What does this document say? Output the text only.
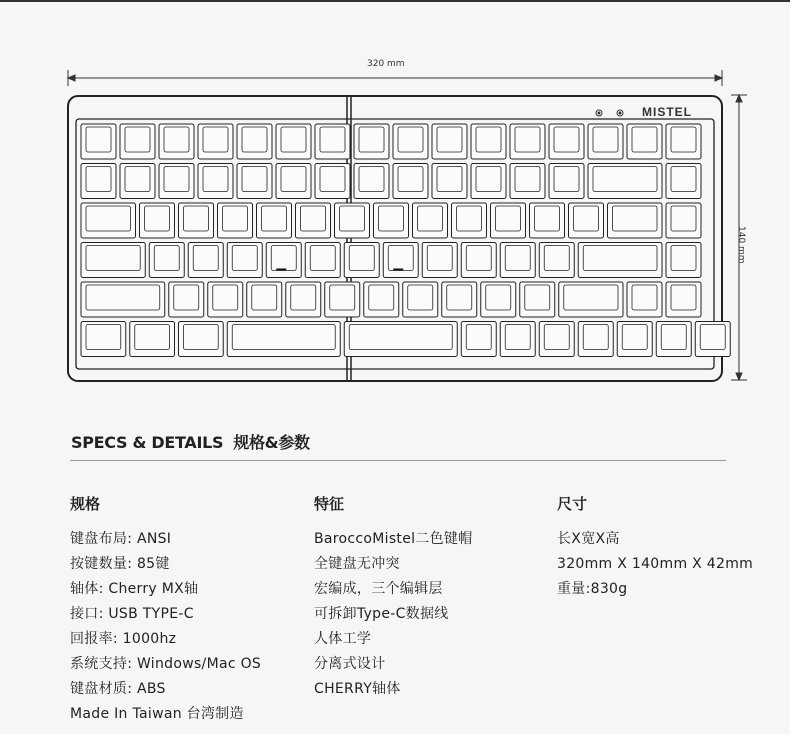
MISTEL
320 mm
140 mm
SPECS & DETAILS 规格&参数
规格
键盘布局: ANSI
按键数量: 85键
轴体: Cherry MX轴
接口: USB TYPE-C
回报率: 1000hz
系统支持: Windows/Mac OS
键盘材质: ABS
Made In Taiwan 台湾制造
特征
BaroccoMistel二色键帽
全键盘无冲突
宏编成，三个编辑层
可拆卸Type-C数据线
人体工学
分离式设计
CHERRY轴体
尺寸
长X宽X高
320mm X 140mm X 42mm
重量:830g
